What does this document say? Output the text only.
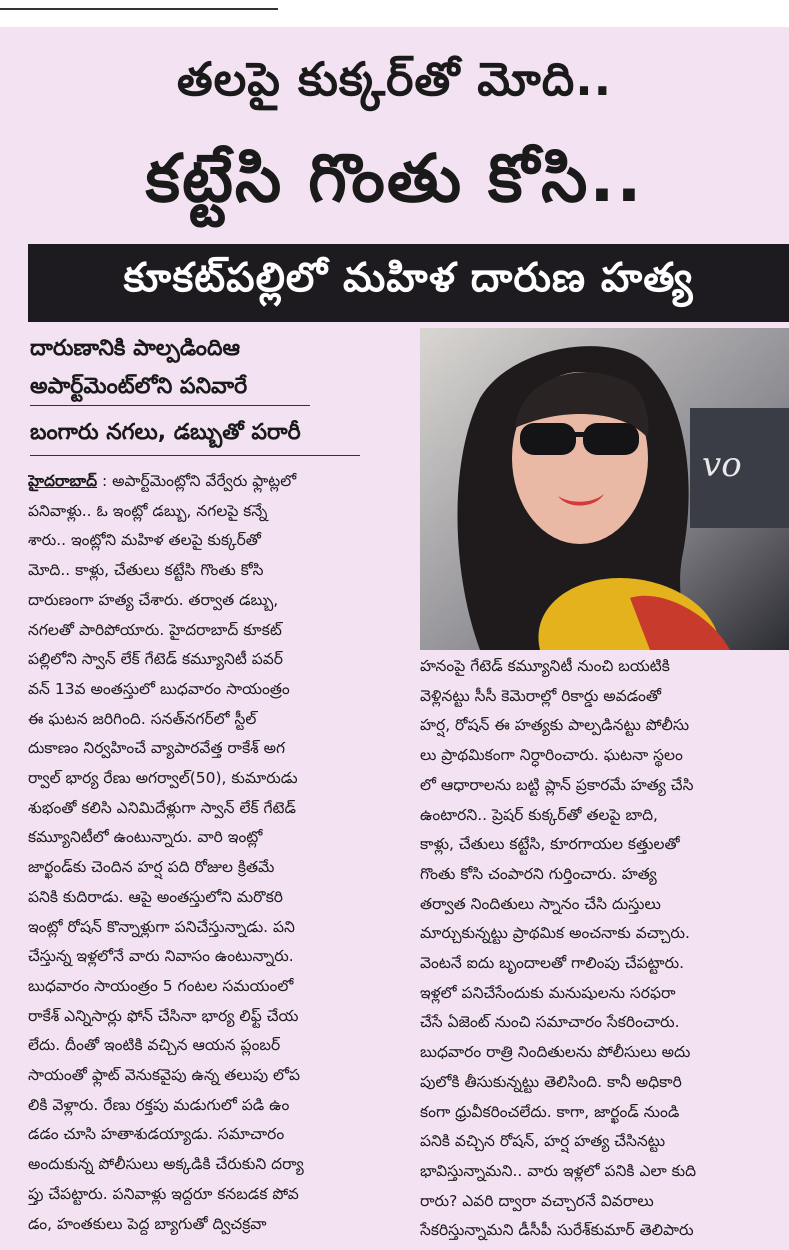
తలపై కుక్కర్‌తో మోది..
కట్టేసి గొంతు కోసి..
కూకట్‌పల్లిలో మహిళ దారుణ హత్య
దారుణానికి పాల్పడిందిఆ
అపార్ట్‌మెంట్‌లోని పనివారే
బంగారు నగలు, డబ్బుతో పరారీ
vo
హైదరాబాద్ : అపార్ట్‌మెంట్లోని వేర్వేరు ఫ్లాట్లలో
పనివాళ్లు.. ఓ ఇంట్లో డబ్బు, నగలపై కన్నే
శారు.. ఇంట్లోని మహిళ తలపై కుక్కర్‌తో
మోది.. కాళ్లు, చేతులు కట్టేసి గొంతు కోసి
దారుణంగా హత్య చేశారు. తర్వాత డబ్బు,
నగలతో పారిపోయారు. హైదరాబాద్ కూకట్
పల్లిలోని స్వాన్ లేక్ గేటెడ్ కమ్యూనిటీ పవర్
వన్ 13వ అంతస్తులో బుధవారం సాయంత్రం
ఈ ఘటన జరిగింది. సనత్‌నగర్‌లో స్టీల్
దుకాణం నిర్వహించే వ్యాపారవేత్త రాకేశ్ అగ
ర్వాల్ భార్య రేణు అగర్వాల్(50), కుమారుడు
శుభంతో కలిసి ఎనిమిదేళ్లుగా స్వాన్ లేక్ గేటెడ్
కమ్యూనిటీలో ఉంటున్నారు. వారి ఇంట్లో
జార్ఖండ్‌కు చెందిన హర్ష పది రోజుల క్రితమే
పనికి కుదిరాడు. ఆపై అంతస్తులోని మరొకరి
ఇంట్లో రోషన్ కొన్నాళ్లుగా పనిచేస్తున్నాడు. పని
చేస్తున్న ఇళ్లలోనే వారు నివాసం ఉంటున్నారు.
బుధవారం సాయంత్రం 5 గంటల సమయంలో
రాకేశ్ ఎన్నిసార్లు ఫోన్ చేసినా భార్య లిఫ్ట్ చేయ
లేదు. దీంతో ఇంటికి వచ్చిన ఆయన ప్లంబర్
సాయంతో ఫ్లాట్ వెనుకవైపు ఉన్న తలుపు లోప
లికి వెళ్లారు. రేణు రక్తపు మడుగులో పడి ఉం
డడం చూసి హతాశుడయ్యాడు. సమాచారం
అందుకున్న పోలీసులు అక్కడికి చేరుకుని దర్యా
ప్తు చేపట్టారు. పనివాళ్లు ఇద్దరూ కనబడక పోవ
డం, హంతకులు పెద్ద బ్యాగుతో ద్విచక్రవా
హనంపై గేటెడ్ కమ్యూనిటీ నుంచి బయటికి
వెళ్లినట్టు సీసీ కెమెరాల్లో రికార్డు అవడంతో
హర్ష, రోషన్ ఈ హత్యకు పాల్పడినట్టు పోలీసు
లు ప్రాథమికంగా నిర్ధారించారు. ఘటనా స్థలం
లో ఆధారాలను బట్టి ప్లాన్ ప్రకారమే హత్య చేసి
ఉంటారని.. ప్రెషర్ కుక్కర్‌తో తలపై బాది,
కాళ్లు, చేతులు కట్టేసి, కూరగాయల కత్తులతో
గొంతు కోసి చంపారని గుర్తించారు. హత్య
తర్వాత నిందితులు స్నానం చేసి దుస్తులు
మార్చుకున్నట్టు ప్రాథమిక అంచనాకు వచ్చారు.
వెంటనే ఐదు బృందాలతో గాలింపు చేపట్టారు.
ఇళ్లలో పనిచేసేందుకు మనుషులను సరఫరా
చేసే ఏజెంట్ నుంచి సమాచారం సేకరించారు.
బుధవారం రాత్రి నిందితులను పోలీసులు అదు
పులోకి తీసుకున్నట్టు తెలిసింది. కానీ అధికారి
కంగా ధ్రువీకరించలేదు. కాగా, జార్ఖండ్ నుండి
పనికి వచ్చిన రోషన్, హర్ష హత్య చేసినట్టు
భావిస్తున్నామని.. వారు ఇళ్లలో పనికి ఎలా కుది
రారు? ఎవరి ద్వారా వచ్చారనే వివరాలు
సేకరిస్తున్నామని డీసీపీ సురేశ్‌కుమార్ తెలిపారు
